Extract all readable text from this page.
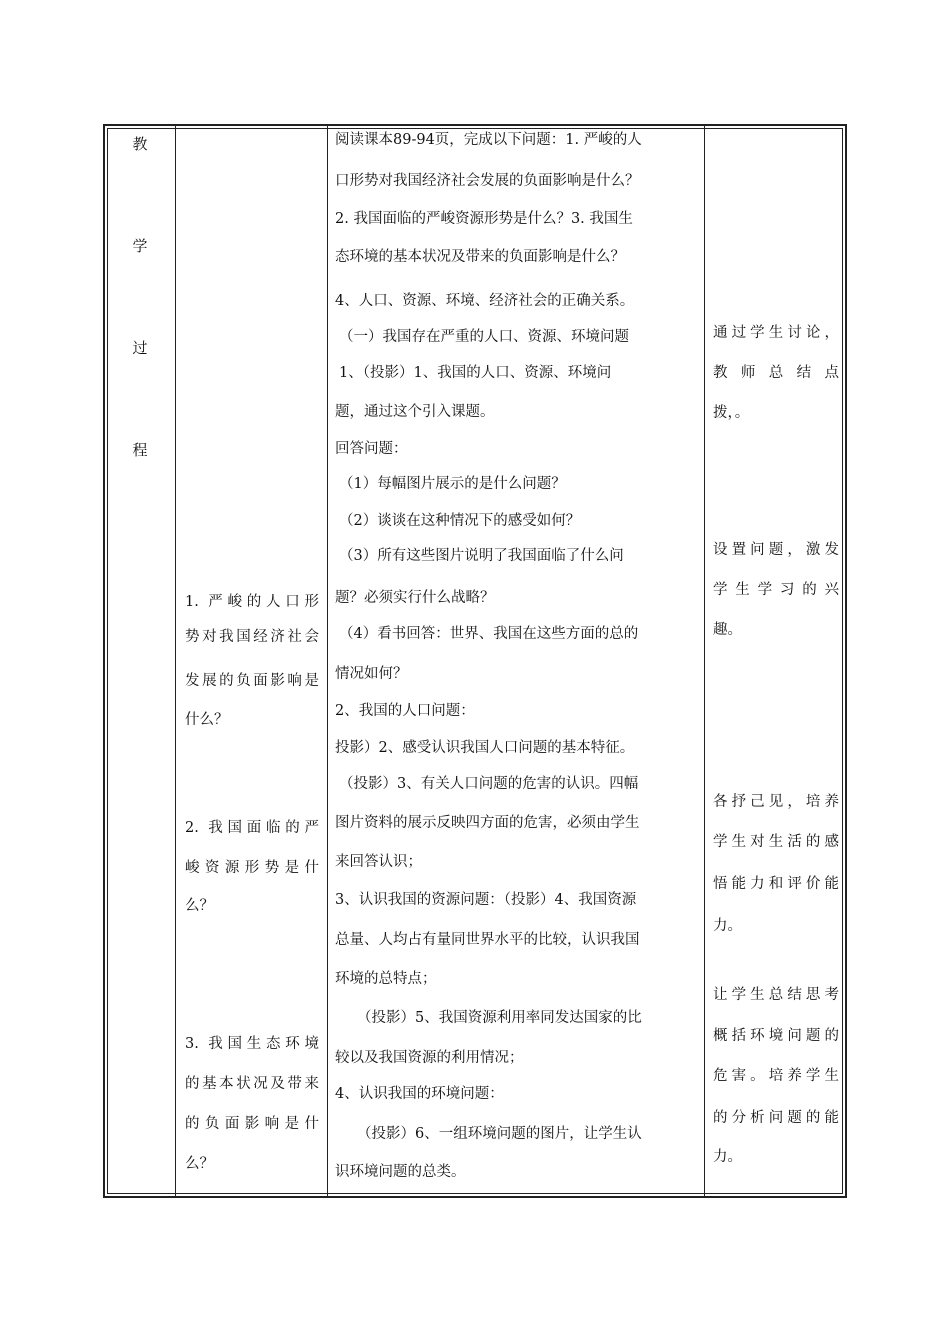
教
学
过
程
1. 严峻的人口形
势对我国经济社会
发展的负面影响是
什么？
2. 我国面临的严
峻资源形势是什
么？
3. 我国生态环境
的基本状况及带来
的负面影响是什
么？
阅读课本89-94页，完成以下问题：1. 严峻的人
口形势对我国经济社会发展的负面影响是什么？
2. 我国面临的严峻资源形势是什么？3. 我国生
态环境的基本状况及带来的负面影响是什么？
4、人口、资源、环境、经济社会的正确关系。
（一）我国存在严重的人口、资源、环境问题
1、（投影）1、我国的人口、资源、环境问
题，通过这个引入课题。
回答问题：
（1）每幅图片展示的是什么问题？
（2）谈谈在这种情况下的感受如何？
（3）所有这些图片说明了我国面临了什么问
题？必须实行什么战略？
（4）看书回答：世界、我国在这些方面的总的
情况如何？
2、我国的人口问题：
投影）2、感受认识我国人口问题的基本特征。
（投影）3、有关人口问题的危害的认识。四幅
图片资料的展示反映四方面的危害，必须由学生
来回答认识；
3、认识我国的资源问题：（投影）4、我国资源
总量、人均占有量同世界水平的比较，认识我国
环境的总特点；
（投影）5、我国资源利用率同发达国家的比
较以及我国资源的利用情况；
4、认识我国的环境问题：
（投影）6、一组环境问题的图片，让学生认
识环境问题的总类。
通过学生讨论，
教师总结点
拨，。
设置问题，激发
学生学习的兴
趣。
各抒己见，培养
学生对生活的感
悟能力和评价能
力。
让学生总结思考
概括环境问题的
危害。培养学生
的分析问题的能
力。
